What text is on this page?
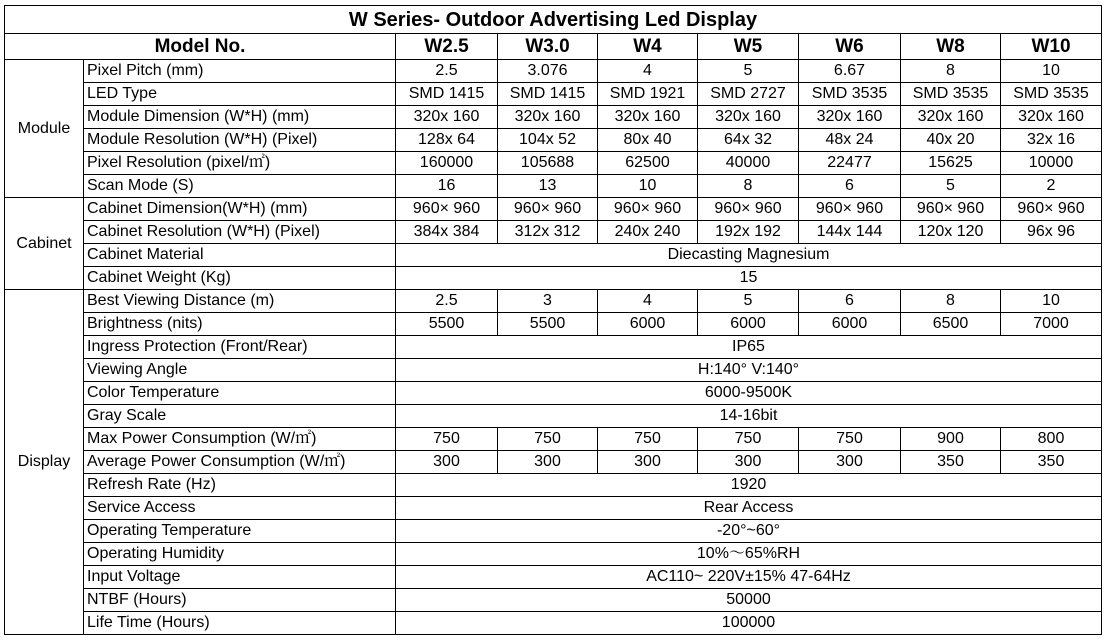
W Series- Outdoor Advertising Led Display								
Model No.		W2.5	W3.0	W4	W5	W6	W8	W10
Module	Pixel Pitch (mm)	2.5	3.076	4	5	6.67	8	10
	LED Type	SMD 1415	SMD 1415	SMD 1921	SMD 2727	SMD 3535	SMD 3535	SMD 3535
	Module Dimension (W*H) (mm)	320x 160	320x 160	320x 160	320x 160	320x 160	320x 160	320x 160
	Module Resolution (W*H) (Pixel)	128x 64	104x 52	80x 40	64x 32	48x 24	40x 20	32x 16
	Pixel Resolution (pixel/㎡)	160000	105688	62500	40000	22477	15625	10000
	Scan Mode (S)	16	13	10	8	6	5	2
Cabinet	Cabinet Dimension(W*H) (mm)	960× 960	960× 960	960× 960	960× 960	960× 960	960× 960	960× 960
	Cabinet Resolution (W*H) (Pixel)	384x 384	312x 312	240x 240	192x 192	144x 144	120x 120	96x 96
	Cabinet Material	Diecasting Magnesium						
	Cabinet Weight (Kg)	15						
Display	Best Viewing Distance (m)	2.5	3	4	5	6	8	10
	Brightness (nits)	5500	5500	6000	6000	6000	6500	7000
	Ingress Protection (Front/Rear)	IP65						
	Viewing Angle	H:140° V:140°						
	Color Temperature	6000-9500K						
	Gray Scale	14-16bit						
	Max Power Consumption (W/㎡)	750	750	750	750	750	900	800
	Average Power Consumption (W/㎡)	300	300	300	300	300	350	350
	Refresh Rate (Hz)	1920						
	Service Access	Rear Access						
	Operating Temperature	-20°~60°						
	Operating Humidity	10%～65%RH						
	Input Voltage	AC110~ 220V±15% 47-64Hz						
	NTBF (Hours)	50000						
	Life Time (Hours)	100000						
